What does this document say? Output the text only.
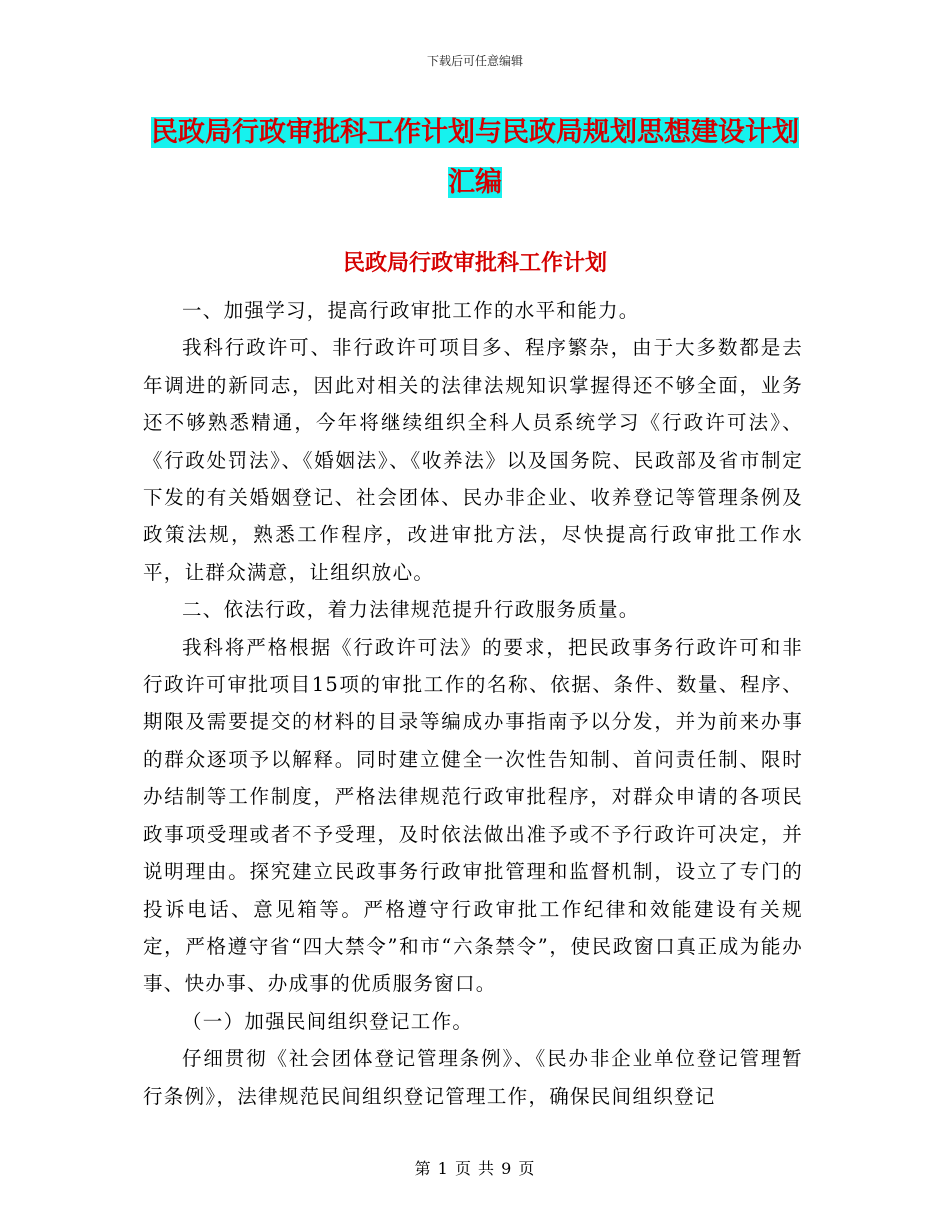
下载后可任意编辑
民政局行政审批科工作计划与民政局规划思想建设计划汇编
民政局行政审批科工作计划

一、加强学习，提高行政审批工作的水平和能力。

我科行政许可、非行政许可项目多、程序繁杂，由于大多数都是去年调进的新同志，因此对相关的法律法规知识掌握得还不够全面，业务还不够熟悉精通，今年将继续组织全科人员系统学习《行政许可法》、《行政处罚法》、《婚姻法》、《收养法》以及国务院、民政部及省市制定下发的有关婚姻登记、社会团体、民办非企业、收养登记等管理条例及政策法规，熟悉工作程序，改进审批方法，尽快提高行政审批工作水平，让群众满意，让组织放心。

二、依法行政，着力法律规范提升行政服务质量。

我科将严格根据《行政许可法》的要求，把民政事务行政许可和非行政许可审批项目15项的审批工作的名称、依据、条件、数量、程序、期限及需要提交的材料的目录等编成办事指南予以分发，并为前来办事的群众逐项予以解释。同时建立健全一次性告知制、首问责任制、限时办结制等工作制度，严格法律规范行政审批程序，对群众申请的各项民政事项受理或者不予受理，及时依法做出准予或不予行政许可决定，并说明理由。探究建立民政事务行政审批管理和监督机制，设立了专门的投诉电话、意见箱等。严格遵守行政审批工作纪律和效能建设有关规定，严格遵守省“四大禁令”和市“六条禁令”，使民政窗口真正成为能办事、快办事、办成事的优质服务窗口。

（一）加强民间组织登记工作。

仔细贯彻《社会团体登记管理条例》、《民办非企业单位登记管理暂行条例》，法律规范民间组织登记管理工作，确保民间组织登记

第 1 页 共 9 页
